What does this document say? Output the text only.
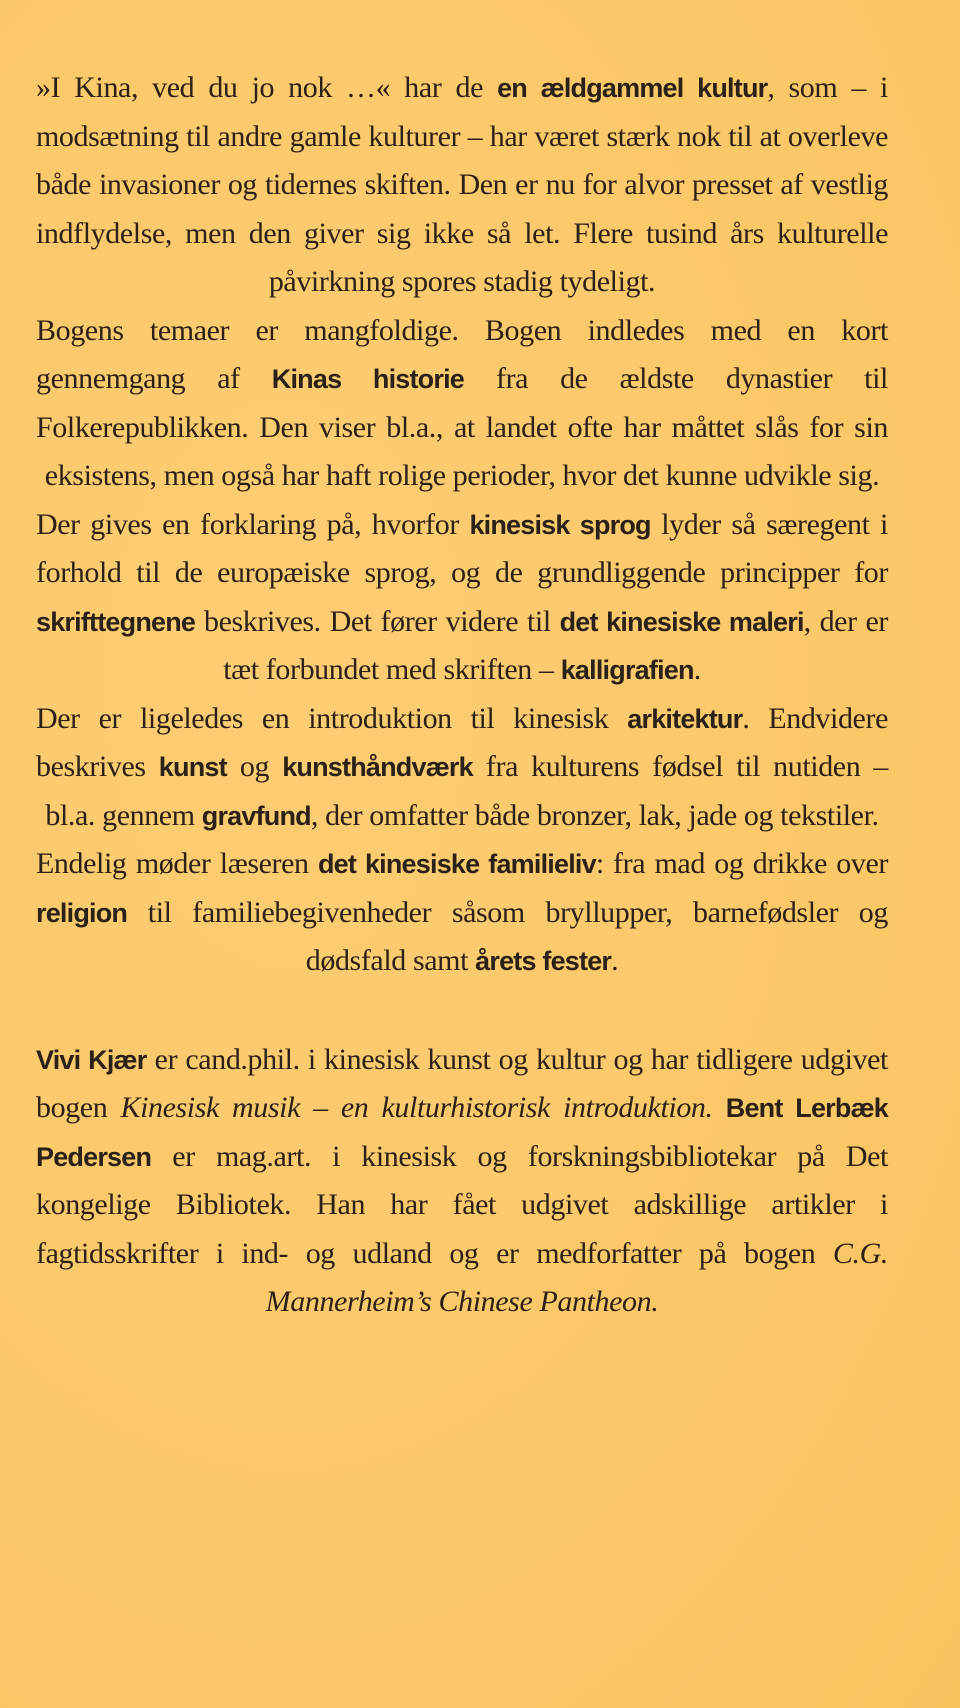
»I Kina, ved du jo nok …« har de en ældgammel kultur, som – i modsætning til andre gamle kulturer – har været stærk nok til at overleve både invasioner og tidernes skiften. Den er nu for alvor presset af vestlig indflydelse, men den giver sig ikke så let. Flere tusind års kulturelle påvirkning spores stadig tydeligt.

Bogens temaer er mangfoldige. Bogen indledes med en kort gennemgang af Kinas historie fra de ældste dynastier til Folkerepublikken. Den viser bl.a., at landet ofte har måttet slås for sin eksistens, men også har haft rolige perioder, hvor det kunne udvikle sig.

Der gives en forklaring på, hvorfor kinesisk sprog lyder så særegent i forhold til de europæiske sprog, og de grundliggende principper for skrifttegnene beskrives. Det fører videre til det kinesiske maleri, der er tæt forbundet med skriften – kalligrafien.

Der er ligeledes en introduktion til kinesisk arkitektur. Endvidere beskrives kunst og kunsthåndværk fra kulturens fødsel til nutiden – bl.a. gennem gravfund, der omfatter både bronzer, lak, jade og tekstiler.

Endelig møder læseren det kinesiske familieliv: fra mad og drikke over religion til familiebegivenheder såsom bryllupper, barnefødsler og dødsfald samt årets fester.

Vivi Kjær er cand.phil. i kinesisk kunst og kultur og har tidligere udgivet bogen Kinesisk musik – en kulturhistorisk introduktion. Bent Lerbæk Pedersen er mag.art. i kinesisk og forskningsbibliotekar på Det kongelige Bibliotek. Han har fået udgivet adskillige artikler i fagtidsskrifter i ind- og udland og er medforfatter på bogen C.G. Mannerheim’s Chinese Pantheon.
